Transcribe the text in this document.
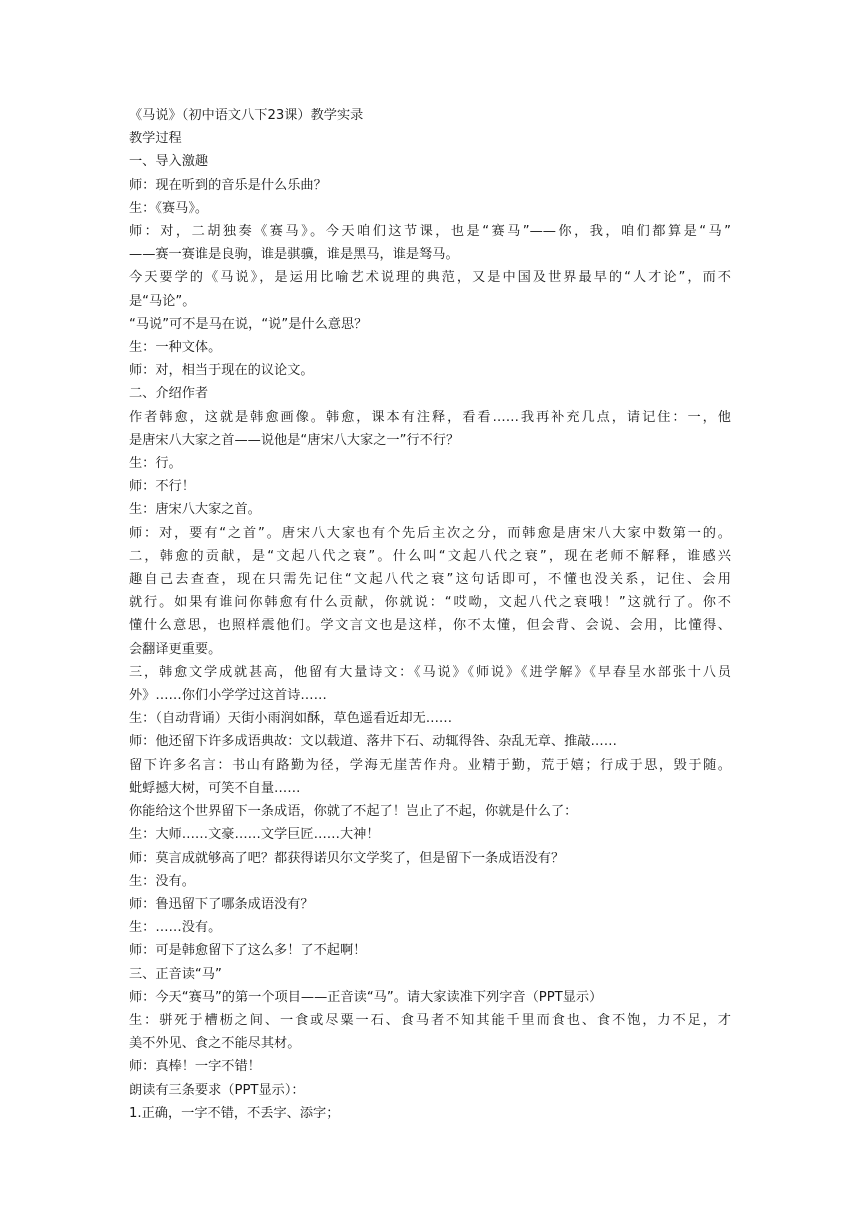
《马说》（初中语文八下23课）教学实录
教学过程
一、导入激趣
师：现在听到的音乐是什么乐曲？
生：《赛马》。
师：对，二胡独奏《赛马》。今天咱们这节课，也是“赛马”——你，我，咱们都算是“马”
——赛一赛谁是良驹，谁是骐骥，谁是黑马，谁是驽马。
今天要学的《马说》，是运用比喻艺术说理的典范，又是中国及世界最早的“人才论”，而不
是“马论”。
“马说”可不是马在说，“说”是什么意思？
生：一种文体。
师：对，相当于现在的议论文。
二、介绍作者
作者韩愈，这就是韩愈画像。韩愈，课本有注释，看看……我再补充几点，请记住：一，他
是唐宋八大家之首——说他是“唐宋八大家之一”行不行？
生：行。
师：不行！
生：唐宋八大家之首。
师：对，要有“之首”。唐宋八大家也有个先后主次之分，而韩愈是唐宋八大家中数第一的。
二，韩愈的贡献，是“文起八代之衰”。什么叫“文起八代之衰”，现在老师不解释，谁感兴
趣自己去查查，现在只需先记住“文起八代之衰”这句话即可，不懂也没关系，记住、会用
就行。如果有谁问你韩愈有什么贡献，你就说：“哎呦，文起八代之衰哦！”这就行了。你不
懂什么意思，也照样震他们。学文言文也是这样，你不太懂，但会背、会说、会用，比懂得、
会翻译更重要。
三，韩愈文学成就甚高，他留有大量诗文：《马说》《师说》《进学解》《早春呈水部张十八员
外》……你们小学学过这首诗……
生：（自动背诵）天街小雨润如酥，草色遥看近却无……
师：他还留下许多成语典故：文以载道、落井下石、动辄得咎、杂乱无章、推敲……
留下许多名言：书山有路勤为径，学海无崖苦作舟。业精于勤，荒于嬉；行成于思，毁于随。
蚍蜉撼大树，可笑不自量……
你能给这个世界留下一条成语，你就了不起了！岂止了不起，你就是什么了：
生：大师……文豪……文学巨匠……大神！
师：莫言成就够高了吧？都获得诺贝尔文学奖了，但是留下一条成语没有？
生：没有。
师：鲁迅留下了哪条成语没有？
生：……没有。
师：可是韩愈留下了这么多！了不起啊！
三、正音读“马”
师：今天“赛马”的第一个项目——正音读“马”。请大家读准下列字音（PPT显示）
生：骈死于槽枥之间、一食或尽粟一石、食马者不知其能千里而食也、食不饱，力不足，才
美不外见、食之不能尽其材。
师：真棒！一字不错！
朗读有三条要求（PPT显示）：
1.正确，一字不错，不丢字、添字；
